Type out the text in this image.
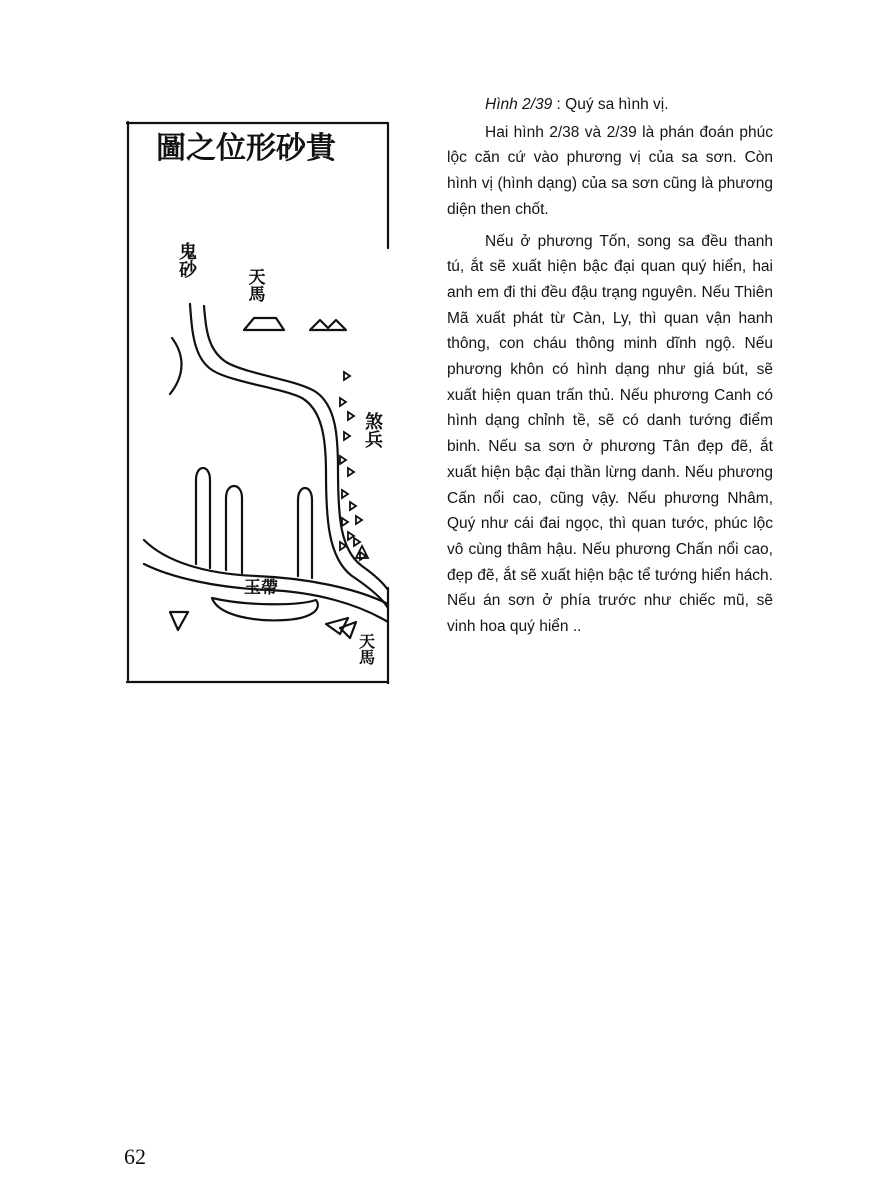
圖之位形砂貴
鬼砂	天馬
煞兵
玉帶
天馬

Hình 2/39 : Quý sa hình vị.

Hai hình 2/38 và 2/39 là phán đoán phúc lộc căn cứ vào phương vị của sa sơn. Còn hình vị (hình dạng) của sa sơn cũng là phương diện then chốt.

Nếu ở phương Tốn, song sa đều thanh tú, ắt sẽ xuất hiện bậc đại quan quý hiển, hai anh em đi thi đều đậu trạng nguyên. Nếu Thiên Mã xuất phát từ Càn, Ly, thì quan vận hanh thông, con cháu thông minh dĩnh ngộ. Nếu phương khôn có hình dạng như giá bút, sẽ xuất hiện quan trấn thủ. Nếu phương Canh có hình dạng chỉnh tề, sẽ có danh tướng điểm binh. Nếu sa sơn ở phương Tân đẹp đẽ, ắt xuất hiện bậc đại thần lừng danh. Nếu phương Cấn nổi cao, cũng vậy. Nếu phương Nhâm, Quý như cái đai ngọc, thì quan tước, phúc lộc vô cùng thâm hậu. Nếu phương Chấn nổi cao, đẹp đẽ, ắt sẽ xuất hiện bậc tể tướng hiển hách. Nếu án sơn ở phía trước như chiếc mũ, sẽ vinh hoa quý hiển ..

62
